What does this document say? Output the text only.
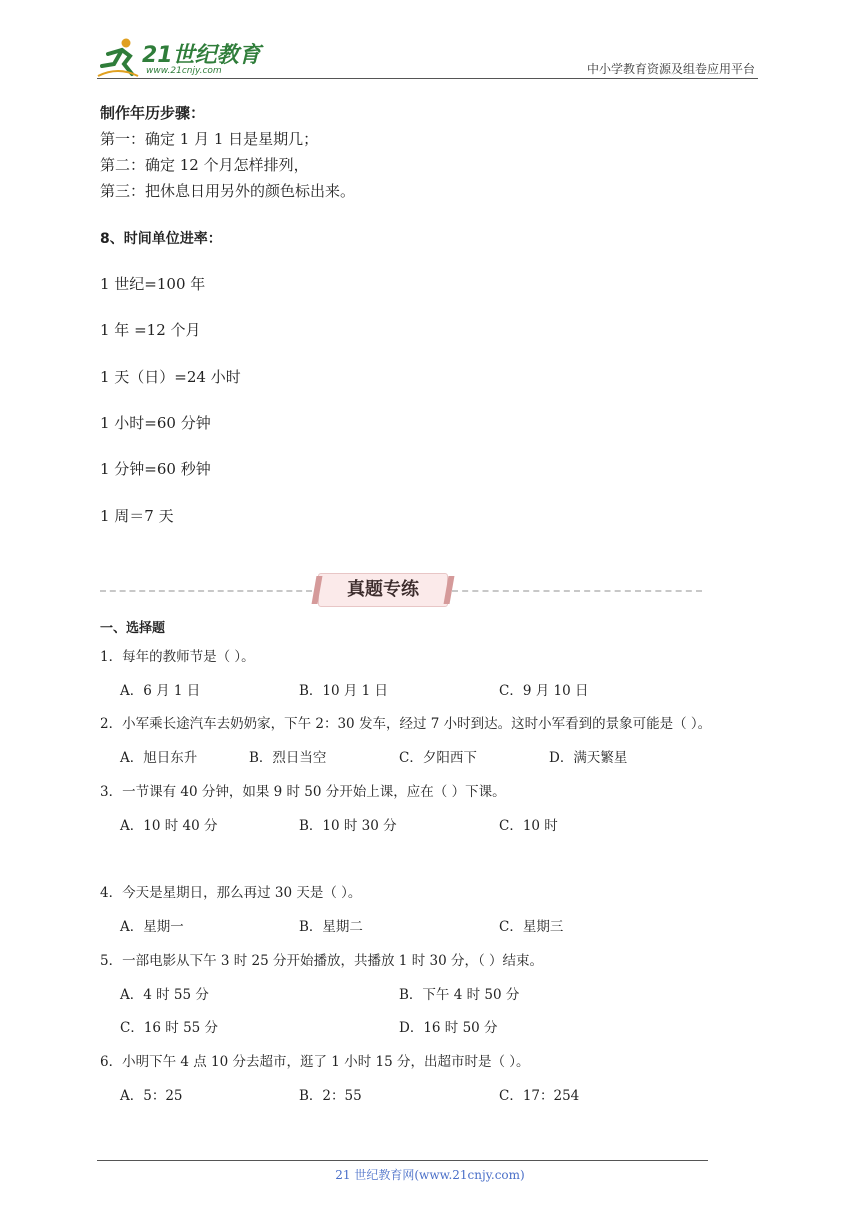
21世纪教育
www.21cnjy.com	中小学教育资源及组卷应用平台
制作年历步骤：
第一：确定 1 月 1 日是星期几；
第二：确定 12 个月怎样排列，
第三：把休息日用另外的颜色标出来。
8、时间单位进率：
1 世纪=100 年
1 年 =12 个月
1 天（日）=24 小时
1 小时=60 分钟
1 分钟=60 秒钟
1 周＝7 天
真题专练
一、选择题
1．每年的教师节是（ ）。
A．6 月 1 日	B．10 月 1 日	C．9 月 10 日
2．小军乘长途汽车去奶奶家，下午 2：30 发车，经过 7 小时到达。这时小军看到的景象可能是（ ）。
A．旭日东升	B．烈日当空	C．夕阳西下	D．满天繁星
3．一节课有 40 分钟，如果 9 时 50 分开始上课，应在（ ）下课。
A．10 时 40 分	B．10 时 30 分	C．10 时
4．今天是星期日，那么再过 30 天是（ ）。
A．星期一	B．星期二	C．星期三
5．一部电影从下午 3 时 25 分开始播放，共播放 1 时 30 分，（ ）结束。
A．4 时 55 分	B．下午 4 时 50 分
C．16 时 55 分	D．16 时 50 分
6．小明下午 4 点 10 分去超市，逛了 1 小时 15 分，出超市时是（ ）。
A．5：25	B．2：55	C．17：254
21 世纪教育网(www.21cnjy.com)
